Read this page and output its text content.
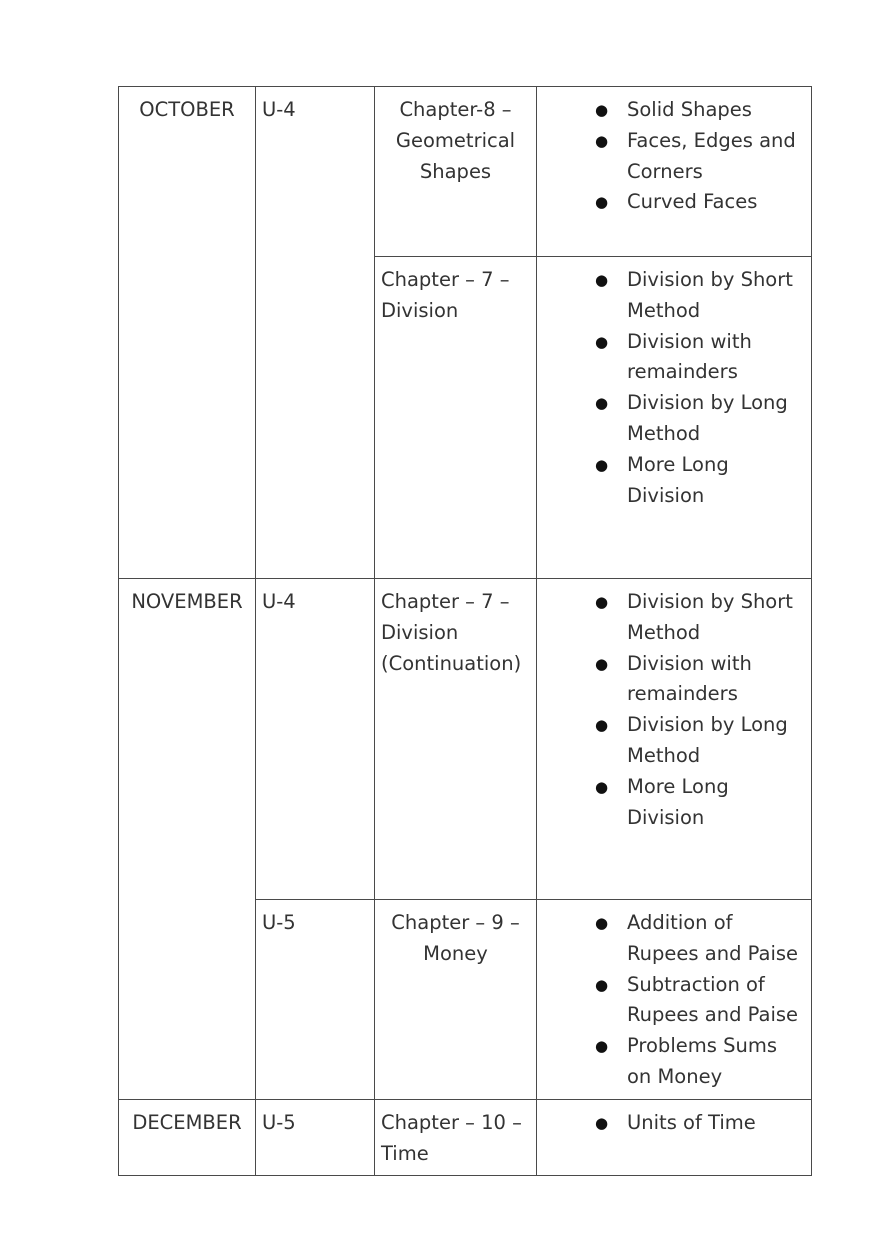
OCTOBER	U-4	Chapter-8 – Geometrical Shapes	
● Solid Shapes
● Faces, Edges and Corners
● Curved Faces

Chapter – 7 – Division	
● Division by Short Method
● Division with remainders
● Division by Long Method
● More Long Division

NOVEMBER	U-4	Chapter – 7 – Division (Continuation)	
● Division by Short Method
● Division with remainders
● Division by Long Method
● More Long Division

U-5	Chapter – 9 – Money	
● Addition of Rupees and Paise
● Subtraction of Rupees and Paise
● Problems Sums on Money

DECEMBER	U-5	Chapter – 10 – Time	
● Units of Time
